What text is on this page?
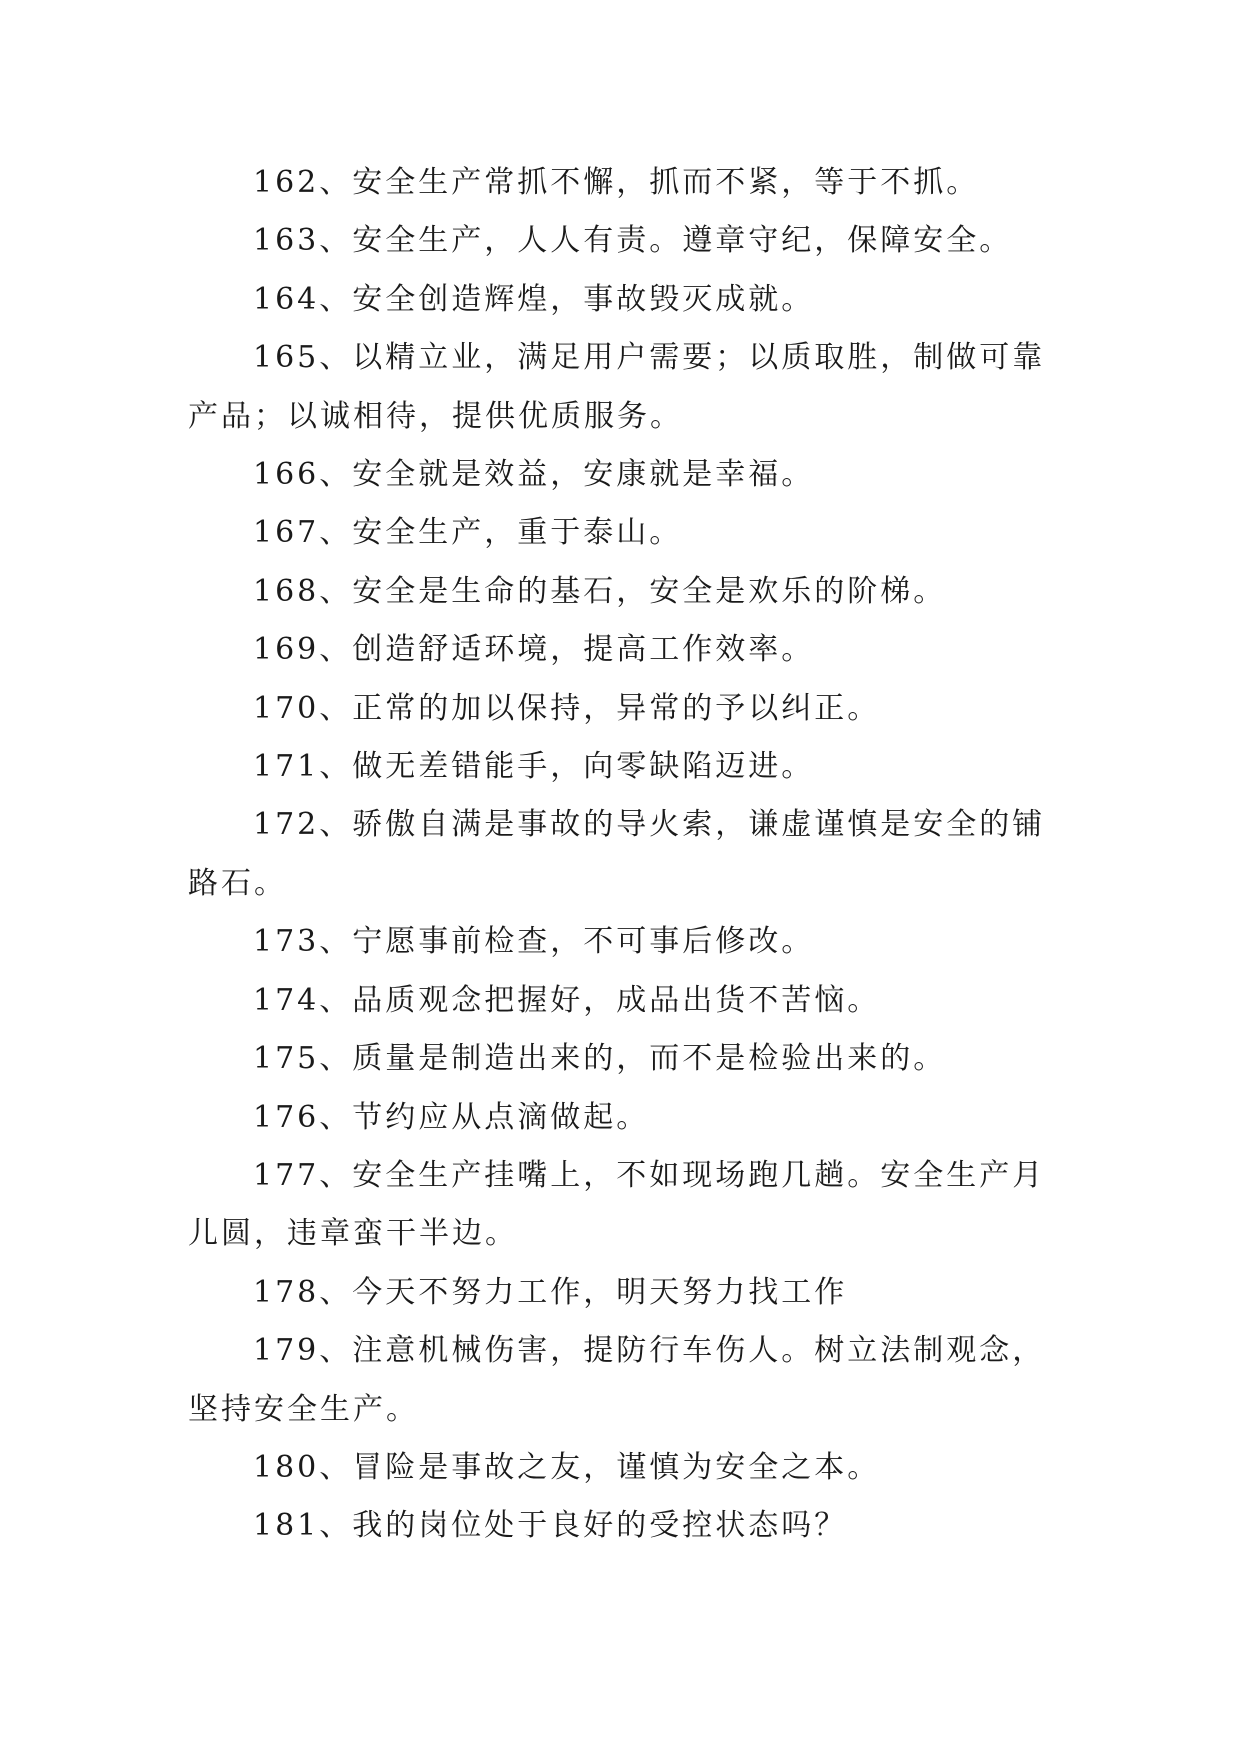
162、安全生产常抓不懈，抓而不紧，等于不抓。

163、安全生产，人人有责。遵章守纪，保障安全。

164、安全创造辉煌，事故毁灭成就。

165、以精立业，满足用户需要；以质取胜，制做可靠产品；以诚相待，提供优质服务。

166、安全就是效益，安康就是幸福。

167、安全生产，重于泰山。

168、安全是生命的基石，安全是欢乐的阶梯。

169、创造舒适环境，提高工作效率。

170、正常的加以保持，异常的予以纠正。

171、做无差错能手，向零缺陷迈进。

172、骄傲自满是事故的导火索，谦虚谨慎是安全的铺路石。

173、宁愿事前检查，不可事后修改。

174、品质观念把握好，成品出货不苦恼。

175、质量是制造出来的，而不是检验出来的。

176、节约应从点滴做起。

177、安全生产挂嘴上，不如现场跑几趟。安全生产月儿圆，违章蛮干半边。

178、今天不努力工作，明天努力找工作

179、注意机械伤害，提防行车伤人。树立法制观念，坚持安全生产。

180、冒险是事故之友，谨慎为安全之本。

181、我的岗位处于良好的受控状态吗？
